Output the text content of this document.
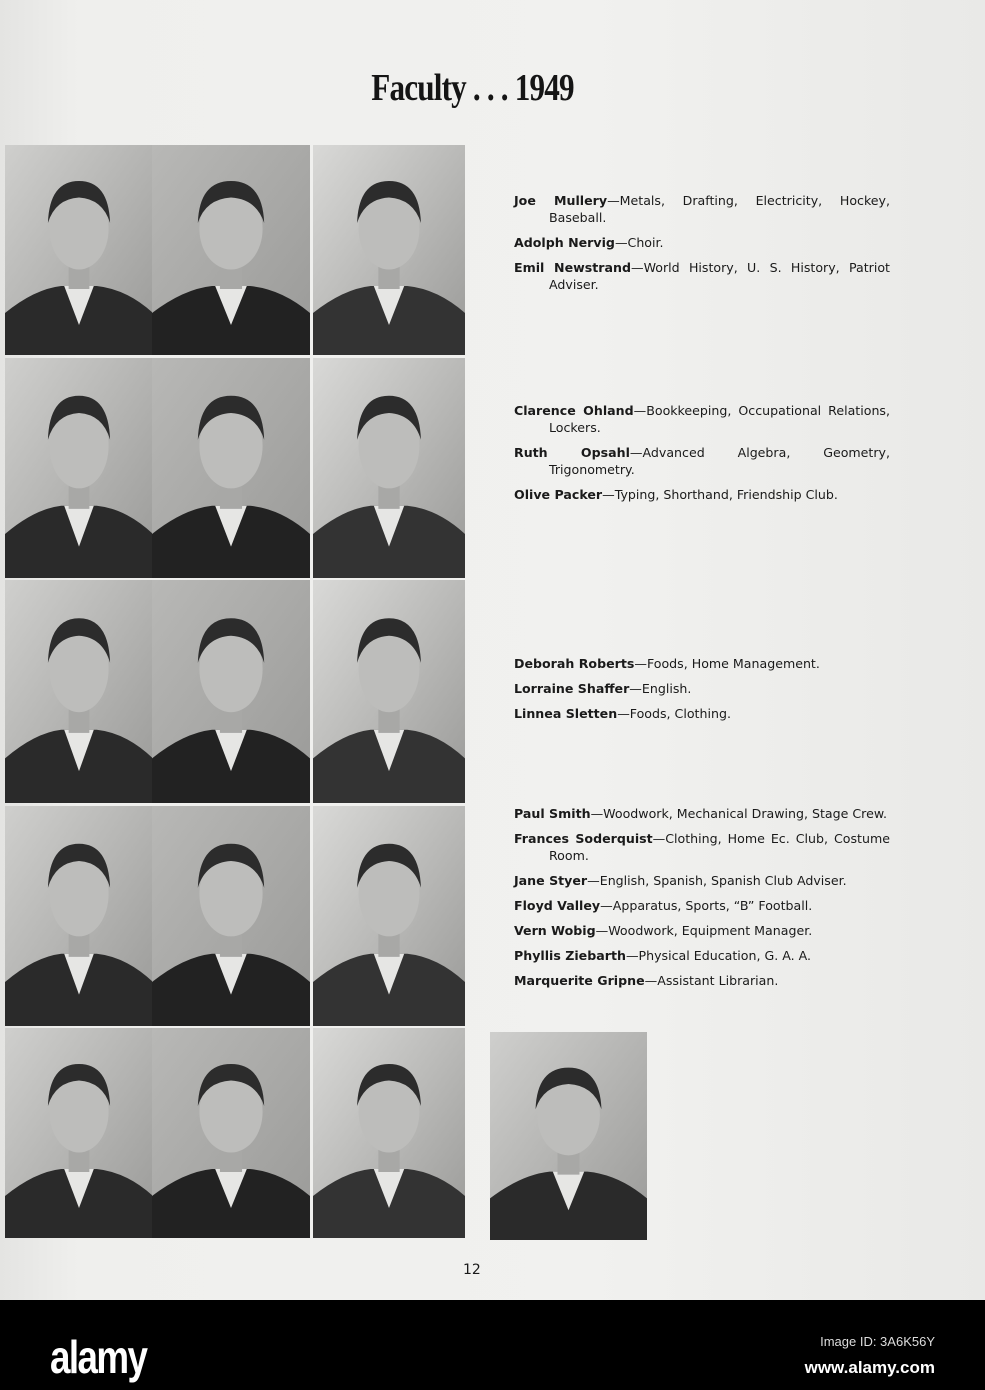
Faculty . . . 1949
Joe Mullery—Metals, Drafting, Electricity, Hockey, Baseball.
Adolph Nervig—Choir.
Emil Newstrand—World History, U. S. History, Patriot Adviser.
Clarence Ohland—Bookkeeping, Occupational Relations, Lockers.
Ruth Opsahl—Advanced Algebra, Geometry, Trigonometry.
Olive Packer—Typing, Shorthand, Friendship Club.
Deborah Roberts—Foods, Home Management.
Lorraine Shaffer—English.
Linnea Sletten—Foods, Clothing.
Paul Smith—Woodwork, Mechanical Drawing, Stage Crew.
Frances Soderquist—Clothing, Home Ec. Club, Costume Room.
Jane Styer—English, Spanish, Spanish Club Adviser.
Floyd Valley—Apparatus, Sports, “B” Football.
Vern Wobig—Woodwork, Equipment Manager.
Phyllis Ziebarth—Physical Education, G. A. A.
Marquerite Gripne—Assistant Librarian.
12
alamy	Image ID: 3A6K56Y
www.alamy.com
